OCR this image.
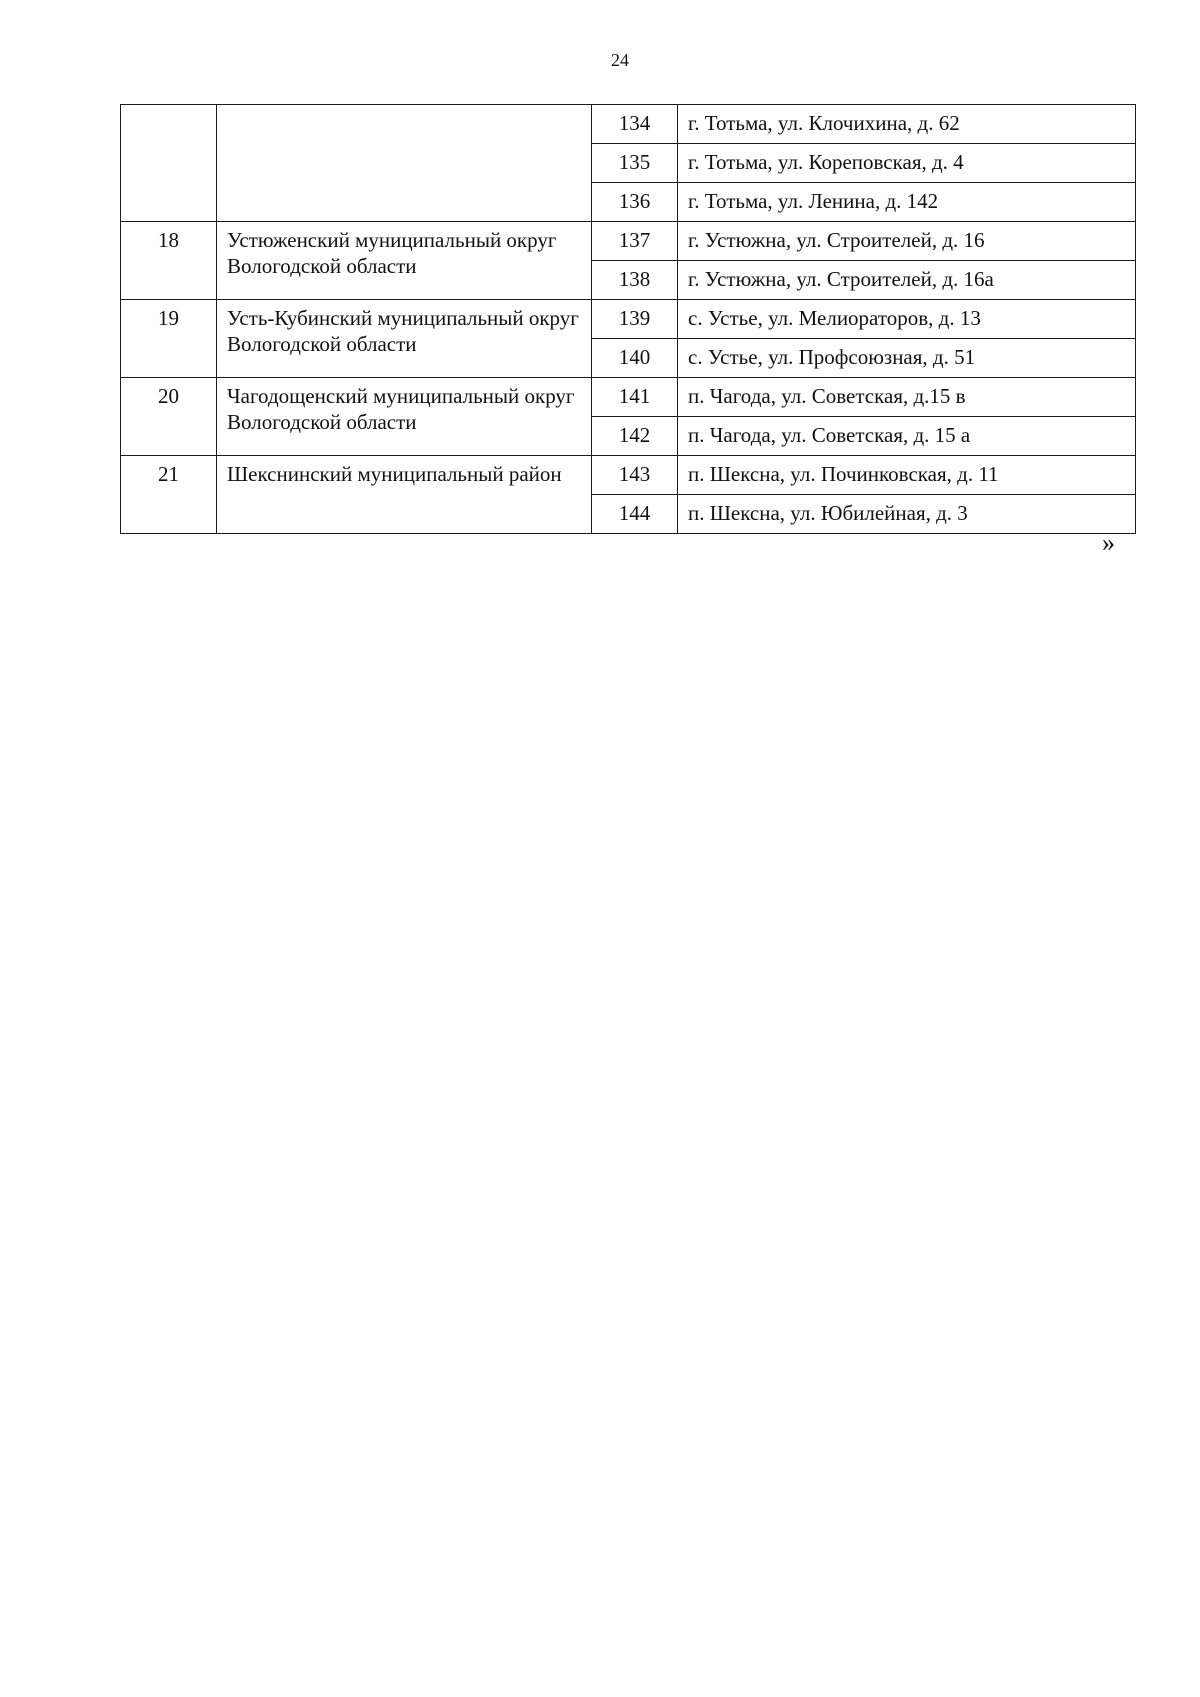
24
		134	г. Тотьма, ул. Клочихина, д. 62
		135	г. Тотьма, ул. Кореповская, д. 4
		136	г. Тотьма, ул. Ленина, д. 142
18	Устюженский муниципальный округ Вологодской области	137	г. Устюжна, ул. Строителей, д. 16
		138	г. Устюжна, ул. Строителей, д. 16а
19	Усть-Кубинский муниципальный округ Вологодской области	139	с. Устье, ул. Мелиораторов, д. 13
		140	с. Устье, ул. Профсоюзная, д. 51
20	Чагодощенский муниципальный округ Вологодской области	141	п. Чагода, ул. Советская, д.15 в
		142	п. Чагода, ул. Советская, д. 15 а
21	Шекснинский муниципальный район	143	п. Шексна, ул. Починковская, д. 11
		144	п. Шексна, ул. Юбилейная, д. 3
»
